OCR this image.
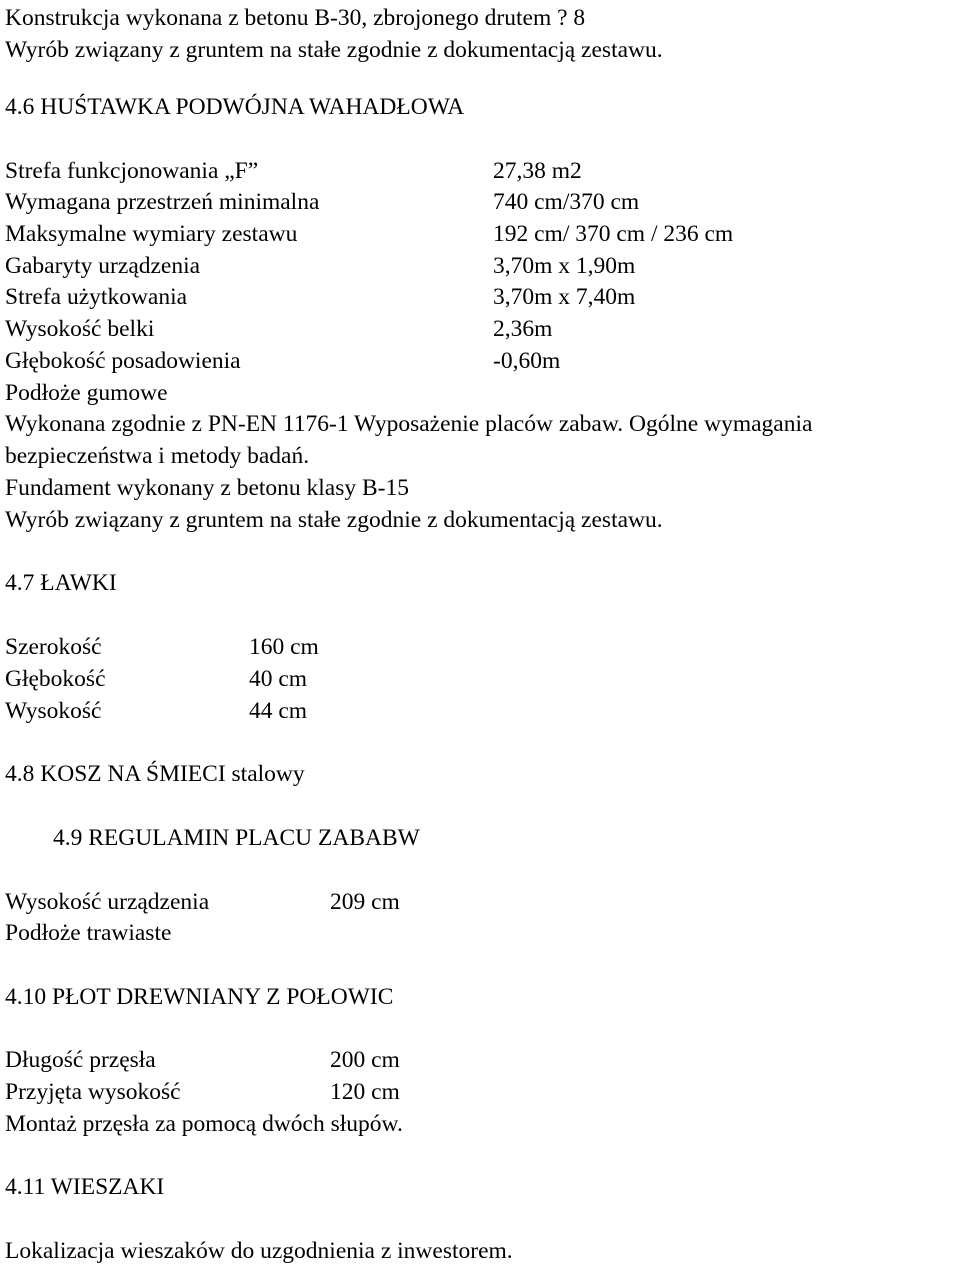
Konstrukcja wykonana z betonu B-30, zbrojonego drutem ? 8
Wyrób związany z gruntem na stałe zgodnie z dokumentacją zestawu.
4.6 HUŚTAWKA PODWÓJNA WAHADŁOWA
Strefa funkcjonowania „F”	27,38 m2
Wymagana przestrzeń minimalna	740 cm/370 cm
Maksymalne wymiary zestawu	192 cm/ 370 cm / 236 cm
Gabaryty urządzenia	3,70m x 1,90m
Strefa użytkowania	3,70m x 7,40m
Wysokość belki	2,36m
Głębokość posadowienia	-0,60m
Podłoże gumowe
Wykonana zgodnie z PN-EN 1176-1 Wyposażenie placów zabaw. Ogólne wymagania
bezpieczeństwa i metody badań.
Fundament wykonany z betonu klasy B-15
Wyrób związany z gruntem na stałe zgodnie z dokumentacją zestawu.
4.7 ŁAWKI
Szerokość	160 cm
Głębokość	40 cm
Wysokość	44 cm
4.8 KOSZ NA ŚMIECI stalowy
4.9 REGULAMIN PLACU ZABABW
Wysokość urządzenia	209 cm
Podłoże trawiaste
4.10 PŁOT DREWNIANY Z POŁOWIC
Długość przęsła	200 cm
Przyjęta wysokość	120 cm
Montaż przęsła za pomocą dwóch słupów.
4.11 WIESZAKI
Lokalizacja wieszaków do uzgodnienia z inwestorem.
